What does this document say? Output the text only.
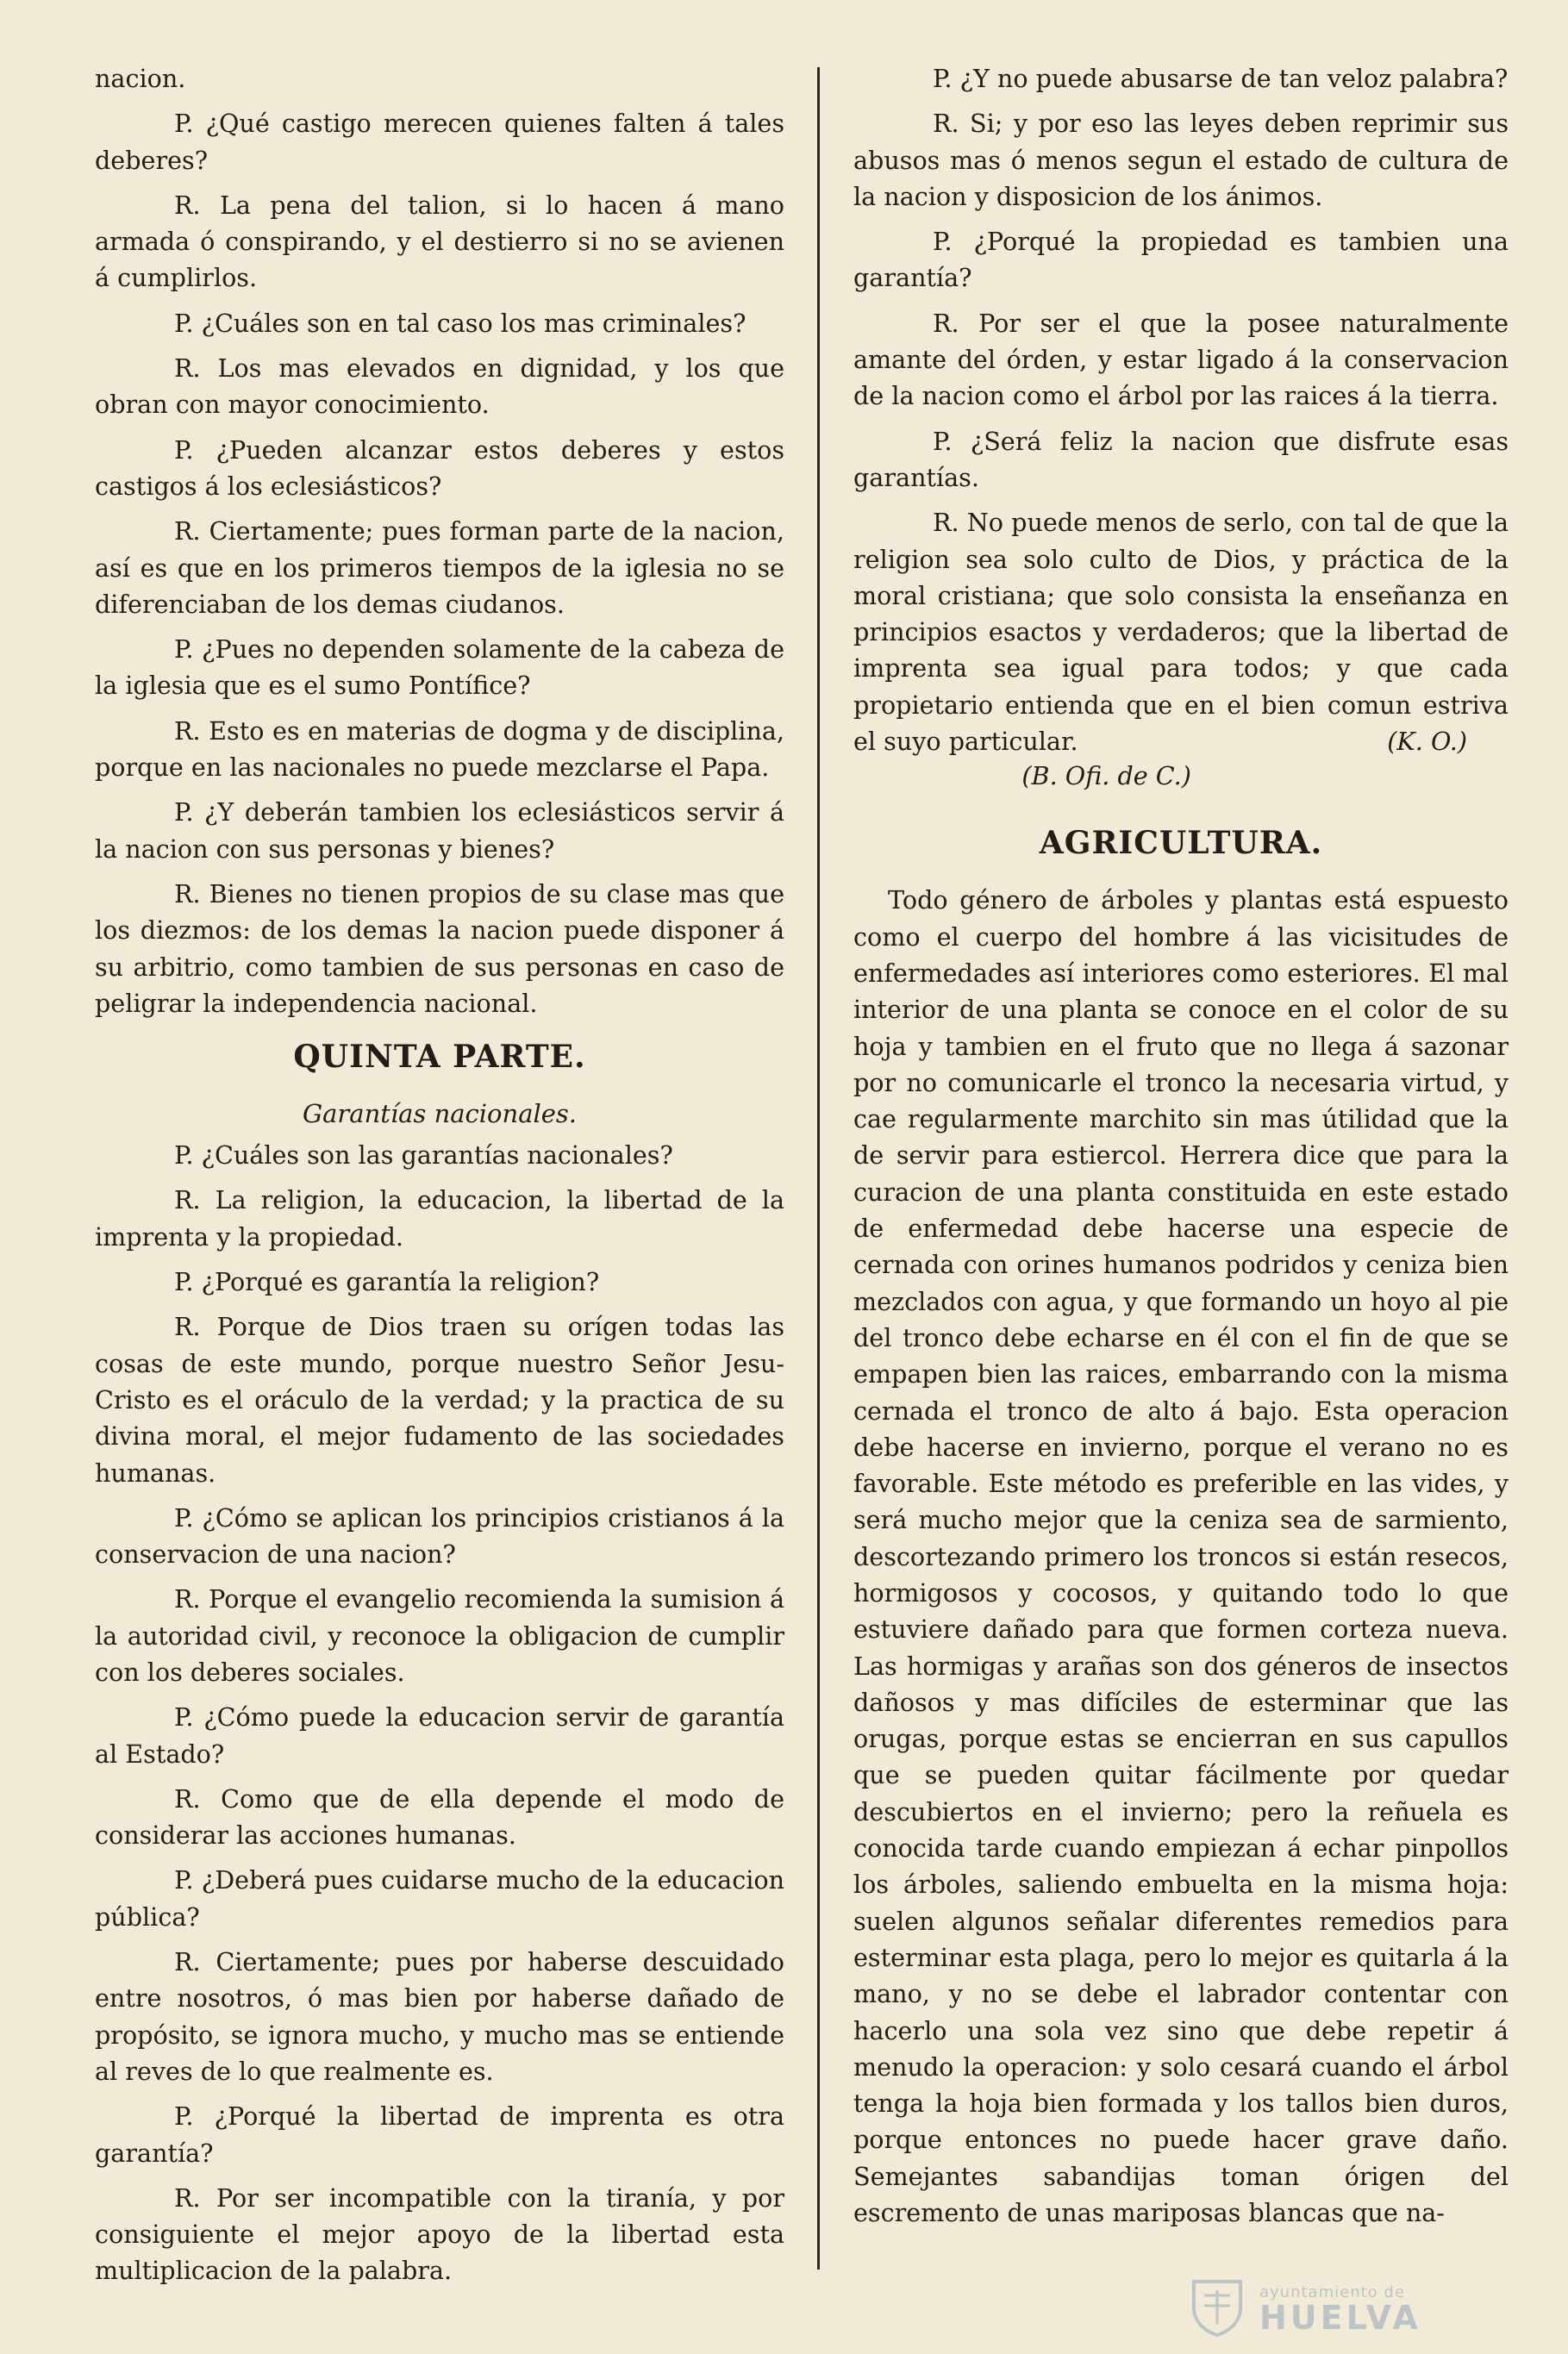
nacion.

P. ¿Qué castigo merecen quienes falten á tales deberes?

R. La pena del talion, si lo hacen á mano armada ó conspirando, y el destierro si no se avienen á cumplirlos.

P. ¿Cuáles son en tal caso los mas criminales?

R. Los mas elevados en dignidad, y los que obran con mayor conocimiento.

P. ¿Pueden alcanzar estos deberes y estos castigos á los eclesiásticos?

R. Ciertamente; pues forman parte de la nacion, así es que en los primeros tiempos de la iglesia no se diferenciaban de los demas ciudanos.

P. ¿Pues no dependen solamente de la cabeza de la iglesia que es el sumo Pontífice?

R. Esto es en materias de dogma y de disciplina, porque en las nacionales no puede mezclarse el Papa.

P. ¿Y deberán tambien los eclesiásticos servir á la nacion con sus personas y bienes?

R. Bienes no tienen propios de su clase mas que los diezmos: de los demas la nacion puede disponer á su arbitrio, como tambien de sus personas en caso de peligrar la independencia nacional.

QUINTA PARTE.

Garantías nacionales.

P. ¿Cuáles son las garantías nacionales?

R. La religion, la educacion, la libertad de la imprenta y la propiedad.

P. ¿Porqué es garantía la religion?

R. Porque de Dios traen su orígen todas las cosas de este mundo, porque nuestro Señor Jesu-Cristo es el oráculo de la verdad; y la practica de su divina moral, el mejor fudamento de las sociedades humanas.

P. ¿Cómo se aplican los principios cristianos á la conservacion de una nacion?

R. Porque el evangelio recomienda la sumision á la autoridad civil, y reconoce la obligacion de cumplir con los deberes sociales.

P. ¿Cómo puede la educacion servir de garantía al Estado?

R. Como que de ella depende el modo de considerar las acciones humanas.

P. ¿Deberá pues cuidarse mucho de la educacion pública?

R. Ciertamente; pues por haberse descuidado entre nosotros, ó mas bien por haberse dañado de propósito, se ignora mucho, y mucho mas se entiende al reves de lo que realmente es.

P. ¿Porqué la libertad de imprenta es otra garantía?

R. Por ser incompatible con la tiranía, y por consiguiente el mejor apoyo de la libertad esta multiplicacion de la palabra.

P. ¿Y no puede abusarse de tan veloz palabra?

R. Si; y por eso las leyes deben reprimir sus abusos mas ó menos segun el estado de cultura de la nacion y disposicion de los ánimos.

P. ¿Porqué la propiedad es tambien una garantía?

R. Por ser el que la posee naturalmente amante del órden, y estar ligado á la conservacion de la nacion como el árbol por las raices á la tierra.

P. ¿Será feliz la nacion que disfrute esas garantías.

R. No puede menos de serlo, con tal de que la religion sea solo culto de Dios, y práctica de la moral cristiana; que solo consista la enseñanza en principios esactos y verdaderos; que la libertad de imprenta sea igual para todos; y que cada propietario entienda que en el bien comun estriva el suyo particular.	(K. O.)

(B. Ofi. de C.)

AGRICULTURA.

Todo género de árboles y plantas está espuesto como el cuerpo del hombre á las vicisitudes de enfermedades así interiores como esteriores. El mal interior de una planta se conoce en el color de su hoja y tambien en el fruto que no llega á sazonar por no comunicarle el tronco la necesaria virtud, y cae regularmente marchito sin mas útilidad que la de servir para estiercol. Herrera dice que para la curacion de una planta constituida en este estado de enfermedad debe hacerse una especie de cernada con orines humanos podridos y ceniza bien mezclados con agua, y que formando un hoyo al pie del tronco debe echarse en él con el fin de que se empapen bien las raices, embarrando con la misma cernada el tronco de alto á bajo. Esta operacion debe hacerse en invierno, porque el verano no es favorable. Este método es preferible en las vides, y será mucho mejor que la ceniza sea de sarmiento, descortezando primero los troncos si están resecos, hormigosos y cocosos, y quitando todo lo que estuviere dañado para que formen corteza nueva. Las hormigas y arañas son dos géneros de insectos dañosos y mas difíciles de esterminar que las orugas, porque estas se encierran en sus capullos que se pueden quitar fácilmente por quedar descubiertos en el invierno; pero la reñuela es conocida tarde cuando empiezan á echar pinpollos los árboles, saliendo embuelta en la misma hoja: suelen algunos señalar diferentes remedios para esterminar esta plaga, pero lo mejor es quitarla á la mano, y no se debe el labrador contentar con hacerlo una sola vez sino que debe repetir á menudo la operacion: y solo cesará cuando el árbol tenga la hoja bien formada y los tallos bien duros, porque entonces no puede hacer grave daño. Semejantes sabandijas toman órigen del escremento de unas mariposas blancas que na-

ayuntamiento de
HUELVA
